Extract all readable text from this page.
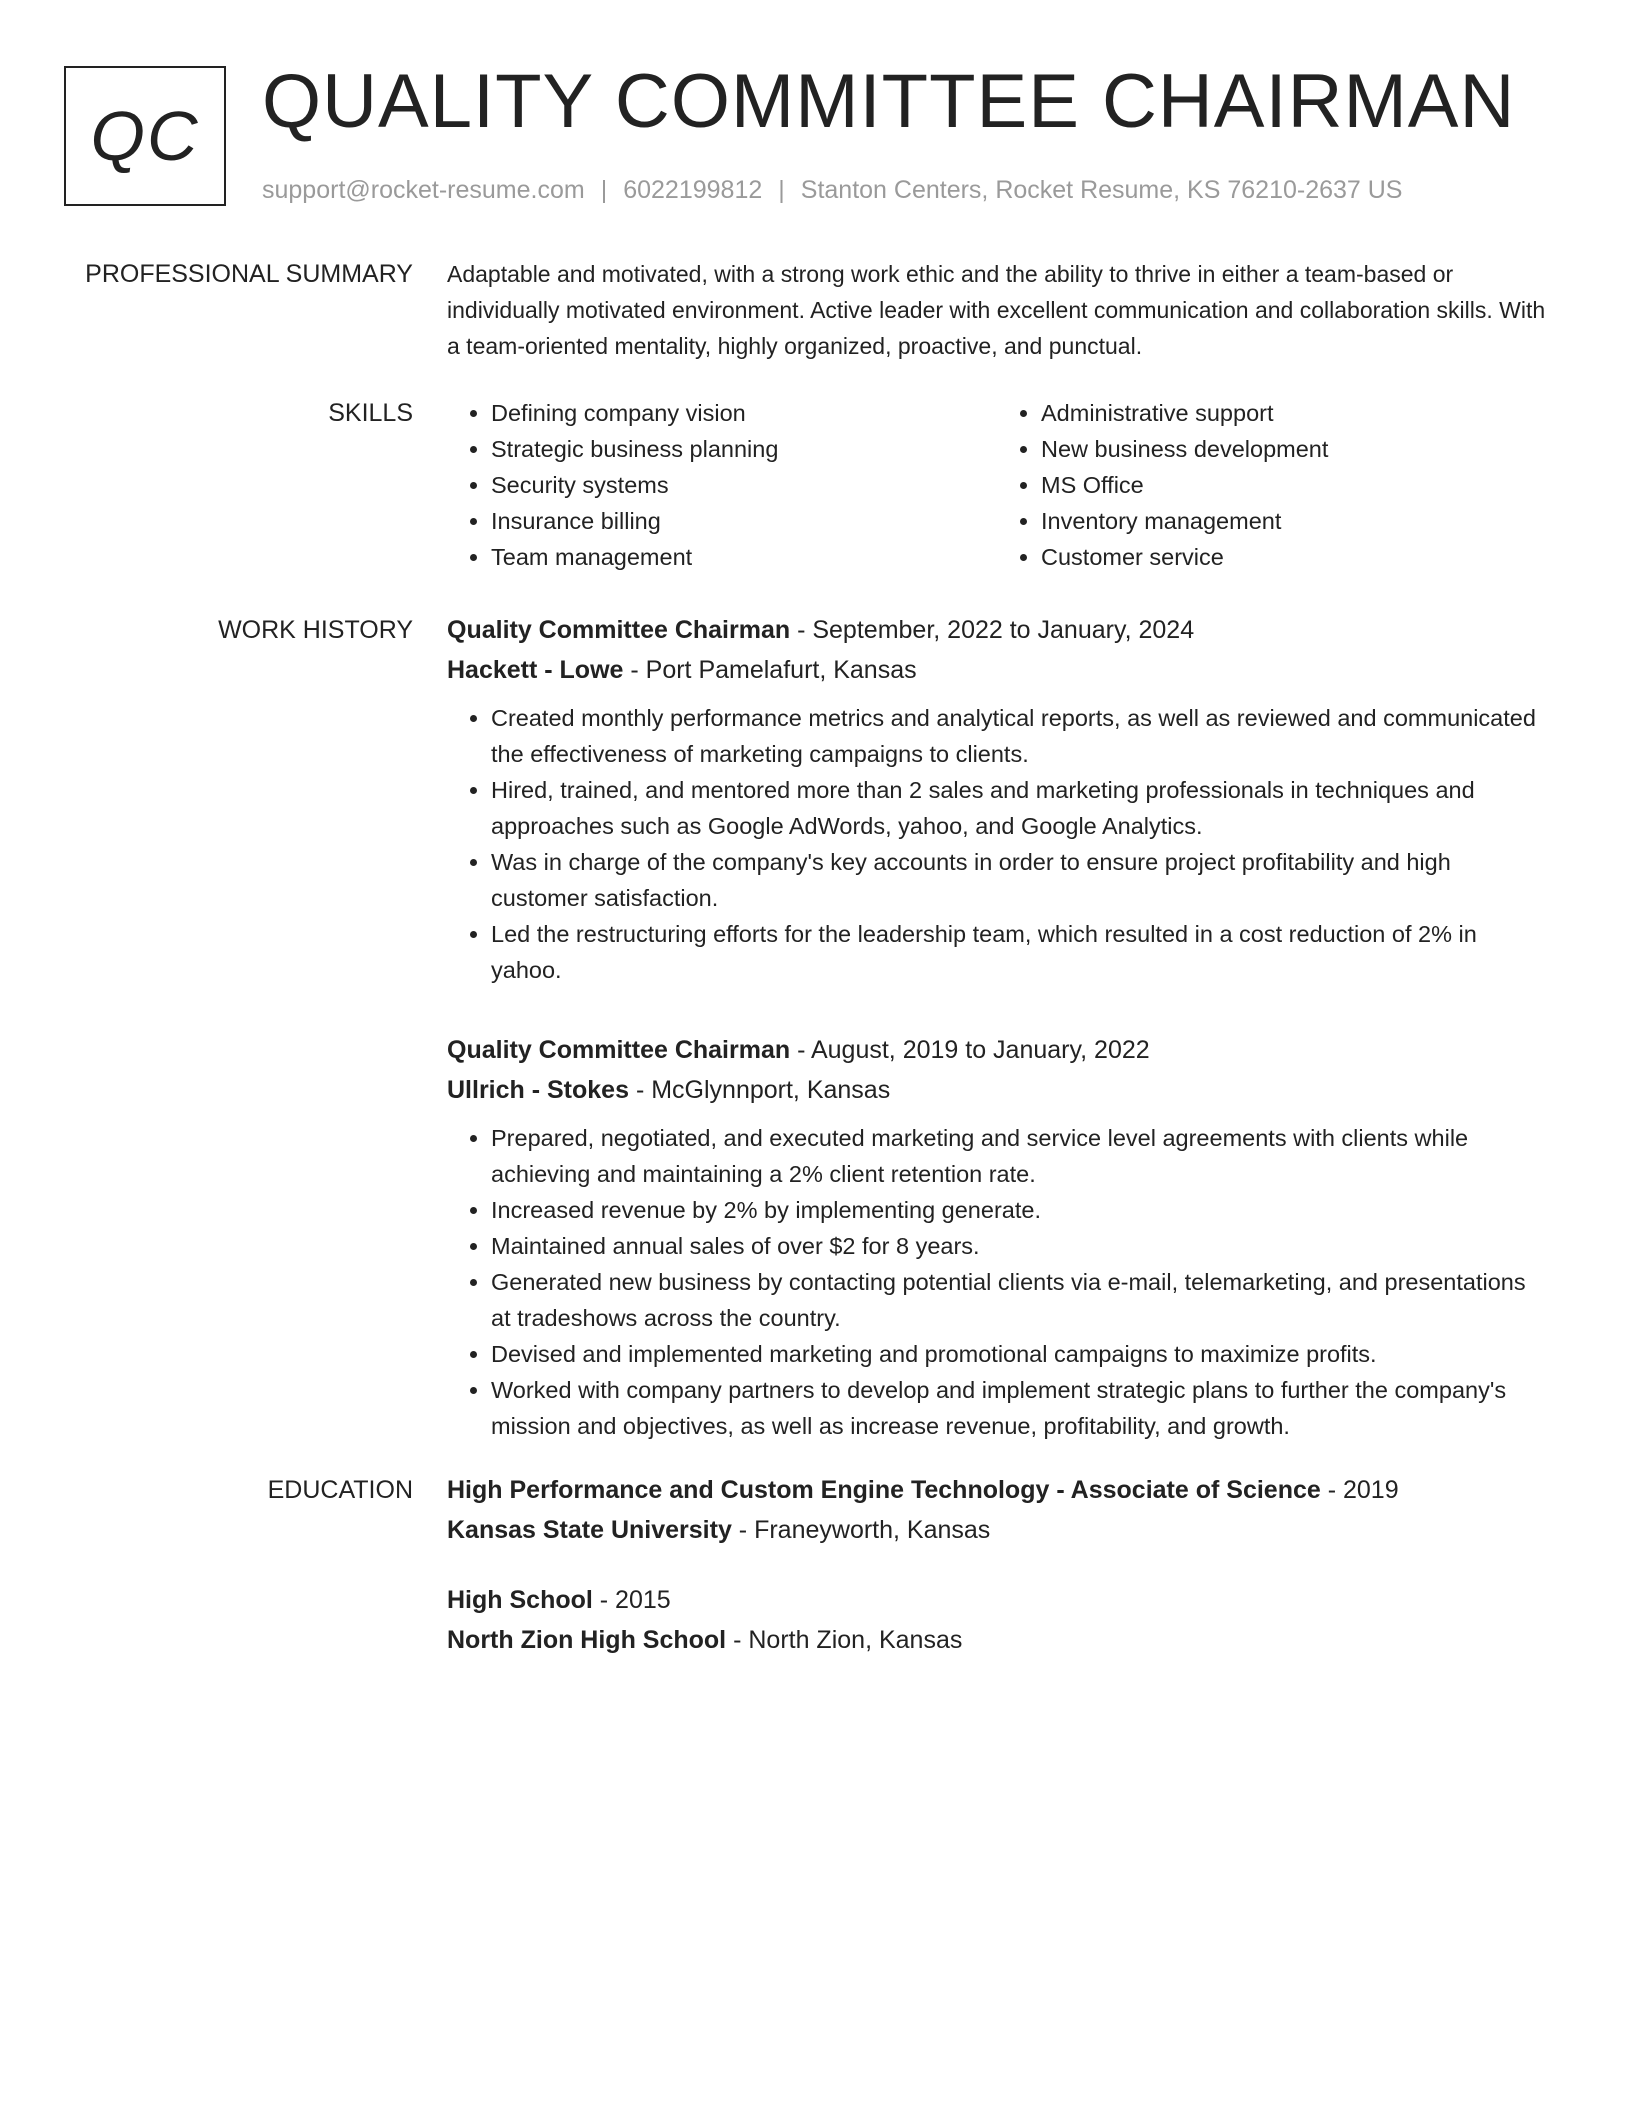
QC QUALITY COMMITTEE CHAIRMAN
support@rocket-resume.com | 6022199812 | Stanton Centers, Rocket Resume, KS 76210-2637 US
PROFESSIONAL SUMMARY Adaptable and motivated, with a strong work ethic and the ability to thrive in either a team-based or individually motivated environment. Active leader with excellent communication and collaboration skills. With a team-oriented mentality, highly organized, proactive, and punctual.

SKILLS
•	Defining company vision
• Strategic business planning
• Security systems
• Insurance billing
• Team management
• Administrative support
• New business development
• MS Office
• Inventory management
• Customer service
WORK HISTORY Quality Committee Chairman - September, 2022 to January, 2024
Hackett - Lowe - Port Pamelafurt, Kansas
• Created monthly performance metrics and analytical reports, as well as reviewed and communicated the effectiveness of marketing campaigns to clients.
• Hired, trained, and mentored more than 2 sales and marketing professionals in techniques and approaches such as Google AdWords, yahoo, and Google Analytics.
• Was in charge of the company's key accounts in order to ensure project profitability and high customer satisfaction.
• Led the restructuring efforts for the leadership team, which resulted in a cost reduction of 2% in yahoo.
Quality Committee Chairman - August, 2019 to January, 2022
Ullrich - Stokes - McGlynnport, Kansas
• Prepared, negotiated, and executed marketing and service level agreements with clients while achieving and maintaining a 2% client retention rate.
• Increased revenue by 2% by implementing generate.
• Maintained annual sales of over $2 for 8 years.
• Generated new business by contacting potential clients via e-mail, telemarketing, and presentations at tradeshows across the country.
• Devised and implemented marketing and promotional campaigns to maximize profits.
• Worked with company partners to develop and implement strategic plans to further the company's mission and objectives, as well as increase revenue, profitability, and growth.
EDUCATION High Performance and Custom Engine Technology - Associate of Science - 2019
Kansas State University - Franeyworth, Kansas
High School - 2015
North Zion High School - North Zion, Kansas
